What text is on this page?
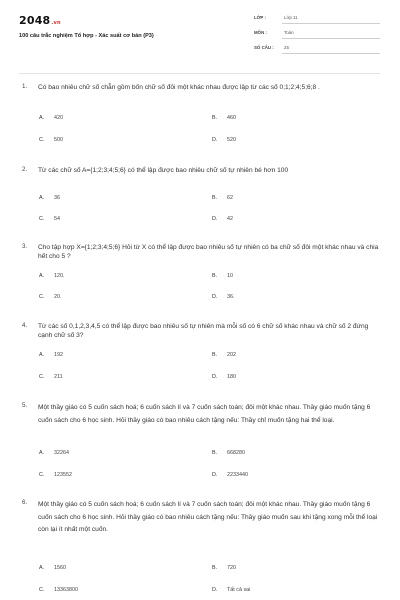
2048.vn
100 câu trắc nghiệm Tổ hợp - Xác suất cơ bản (P3)
LỚP :	Lớp 11
MÔN :	Toán
SỐ CÂU : 25
1. Có bao nhiêu chữ số chẵn gồm bốn chữ số đôi một khác nhau được lập từ các số 0;1;2;4;5;6;8 .
A. 420	B. 460
C. 500	D. 520
2. Từ các chữ số A={1;2;3;4;5;6} có thể lập được bao nhiêu chữ số tự nhiên bé hơn 100
A. 36	B. 62
C. 54	D. 42
3. Cho tập hợp X={1;2;3;4;5;6} Hỏi từ X có thể lập được bao nhiêu số tự nhiên có ba chữ số đôi một khác nhau và chia hết cho 5 ?
A. 120.	B. 10
C. 20.	D. 36.
4. Từ các số 0,1,2,3,4,5 có thể lập được bao nhiêu số tự nhiên mà mỗi số có 6 chữ số khác nhau và chữ số 2 đứng cạnh chữ số 3?
A. 192	B. 202
C. 211	D. 180
5. Một thầy giáo có 5 cuốn sách hoá; 6 cuốn sách lí và 7 cuốn sách toán; đôi một khác nhau. Thầy giáo muốn tặng 6 cuốn sách cho 6 học sinh. Hỏi thầy giáo có bao nhiêu cách tặng nếu: Thầy chỉ muốn tặng hai thể loại.
A. 32264	B. 668280
C. 123552	D. 2233440
6. Một thầy giáo có 5 cuốn sách hoá; 6 cuốn sách lí và 7 cuốn sách toán; đôi một khác nhau. Thầy giáo muốn tặng 6 cuốn sách cho 6 học sinh. Hỏi thầy giáo có bao nhiêu cách tặng nếu: Thầy giáo muốn sau khi tặng xong mỗi thể loại còn lại ít nhất một cuốn.
A. 1560	B. 720
C. 13363800	D. Tất cả sai
